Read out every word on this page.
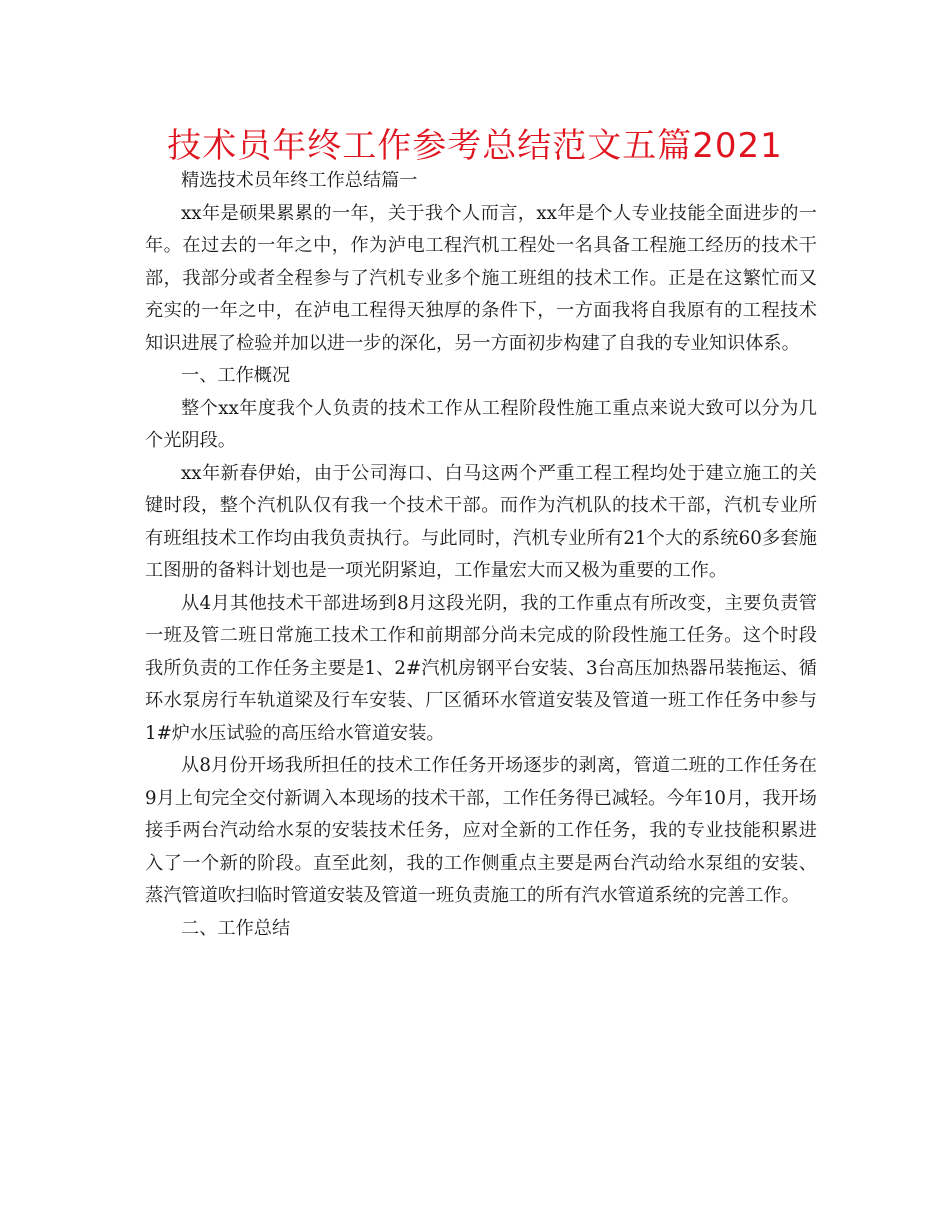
技术员年终工作参考总结范文五篇2021

精选技术员年终工作总结篇一

xx年是硕果累累的一年，关于我个人而言，xx年是个人专业技能全面进步的一年。在过去的一年之中，作为泸电工程汽机工程处一名具备工程施工经历的技术干部，我部分或者全程参与了汽机专业多个施工班组的技术工作。正是在这繁忙而又充实的一年之中，在泸电工程得天独厚的条件下，一方面我将自我原有的工程技术知识进展了检验并加以进一步的深化，另一方面初步构建了自我的专业知识体系。

一、工作概况

整个xx年度我个人负责的技术工作从工程阶段性施工重点来说大致可以分为几个光阴段。

xx年新春伊始，由于公司海口、白马这两个严重工程工程均处于建立施工的关键时段，整个汽机队仅有我一个技术干部。而作为汽机队的技术干部，汽机专业所有班组技术工作均由我负责执行。与此同时，汽机专业所有21个大的系统60多套施工图册的备料计划也是一项光阴紧迫，工作量宏大而又极为重要的工作。

从4月其他技术干部进场到8月这段光阴，我的工作重点有所改变，主要负责管一班及管二班日常施工技术工作和前期部分尚未完成的阶段性施工任务。这个时段我所负责的工作任务主要是1、2#汽机房钢平台安装、3台高压加热器吊装拖运、循环水泵房行车轨道梁及行车安装、厂区循环水管道安装及管道一班工作任务中参与1#炉水压试验的高压给水管道安装。

从8月份开场我所担任的技术工作任务开场逐步的剥离，管道二班的工作任务在9月上旬完全交付新调入本现场的技术干部，工作任务得已减轻。今年10月，我开场接手两台汽动给水泵的安装技术任务，应对全新的工作任务，我的专业技能积累进入了一个新的阶段。直至此刻，我的工作侧重点主要是两台汽动给水泵组的安装、蒸汽管道吹扫临时管道安装及管道一班负责施工的所有汽水管道系统的完善工作。

二、工作总结
